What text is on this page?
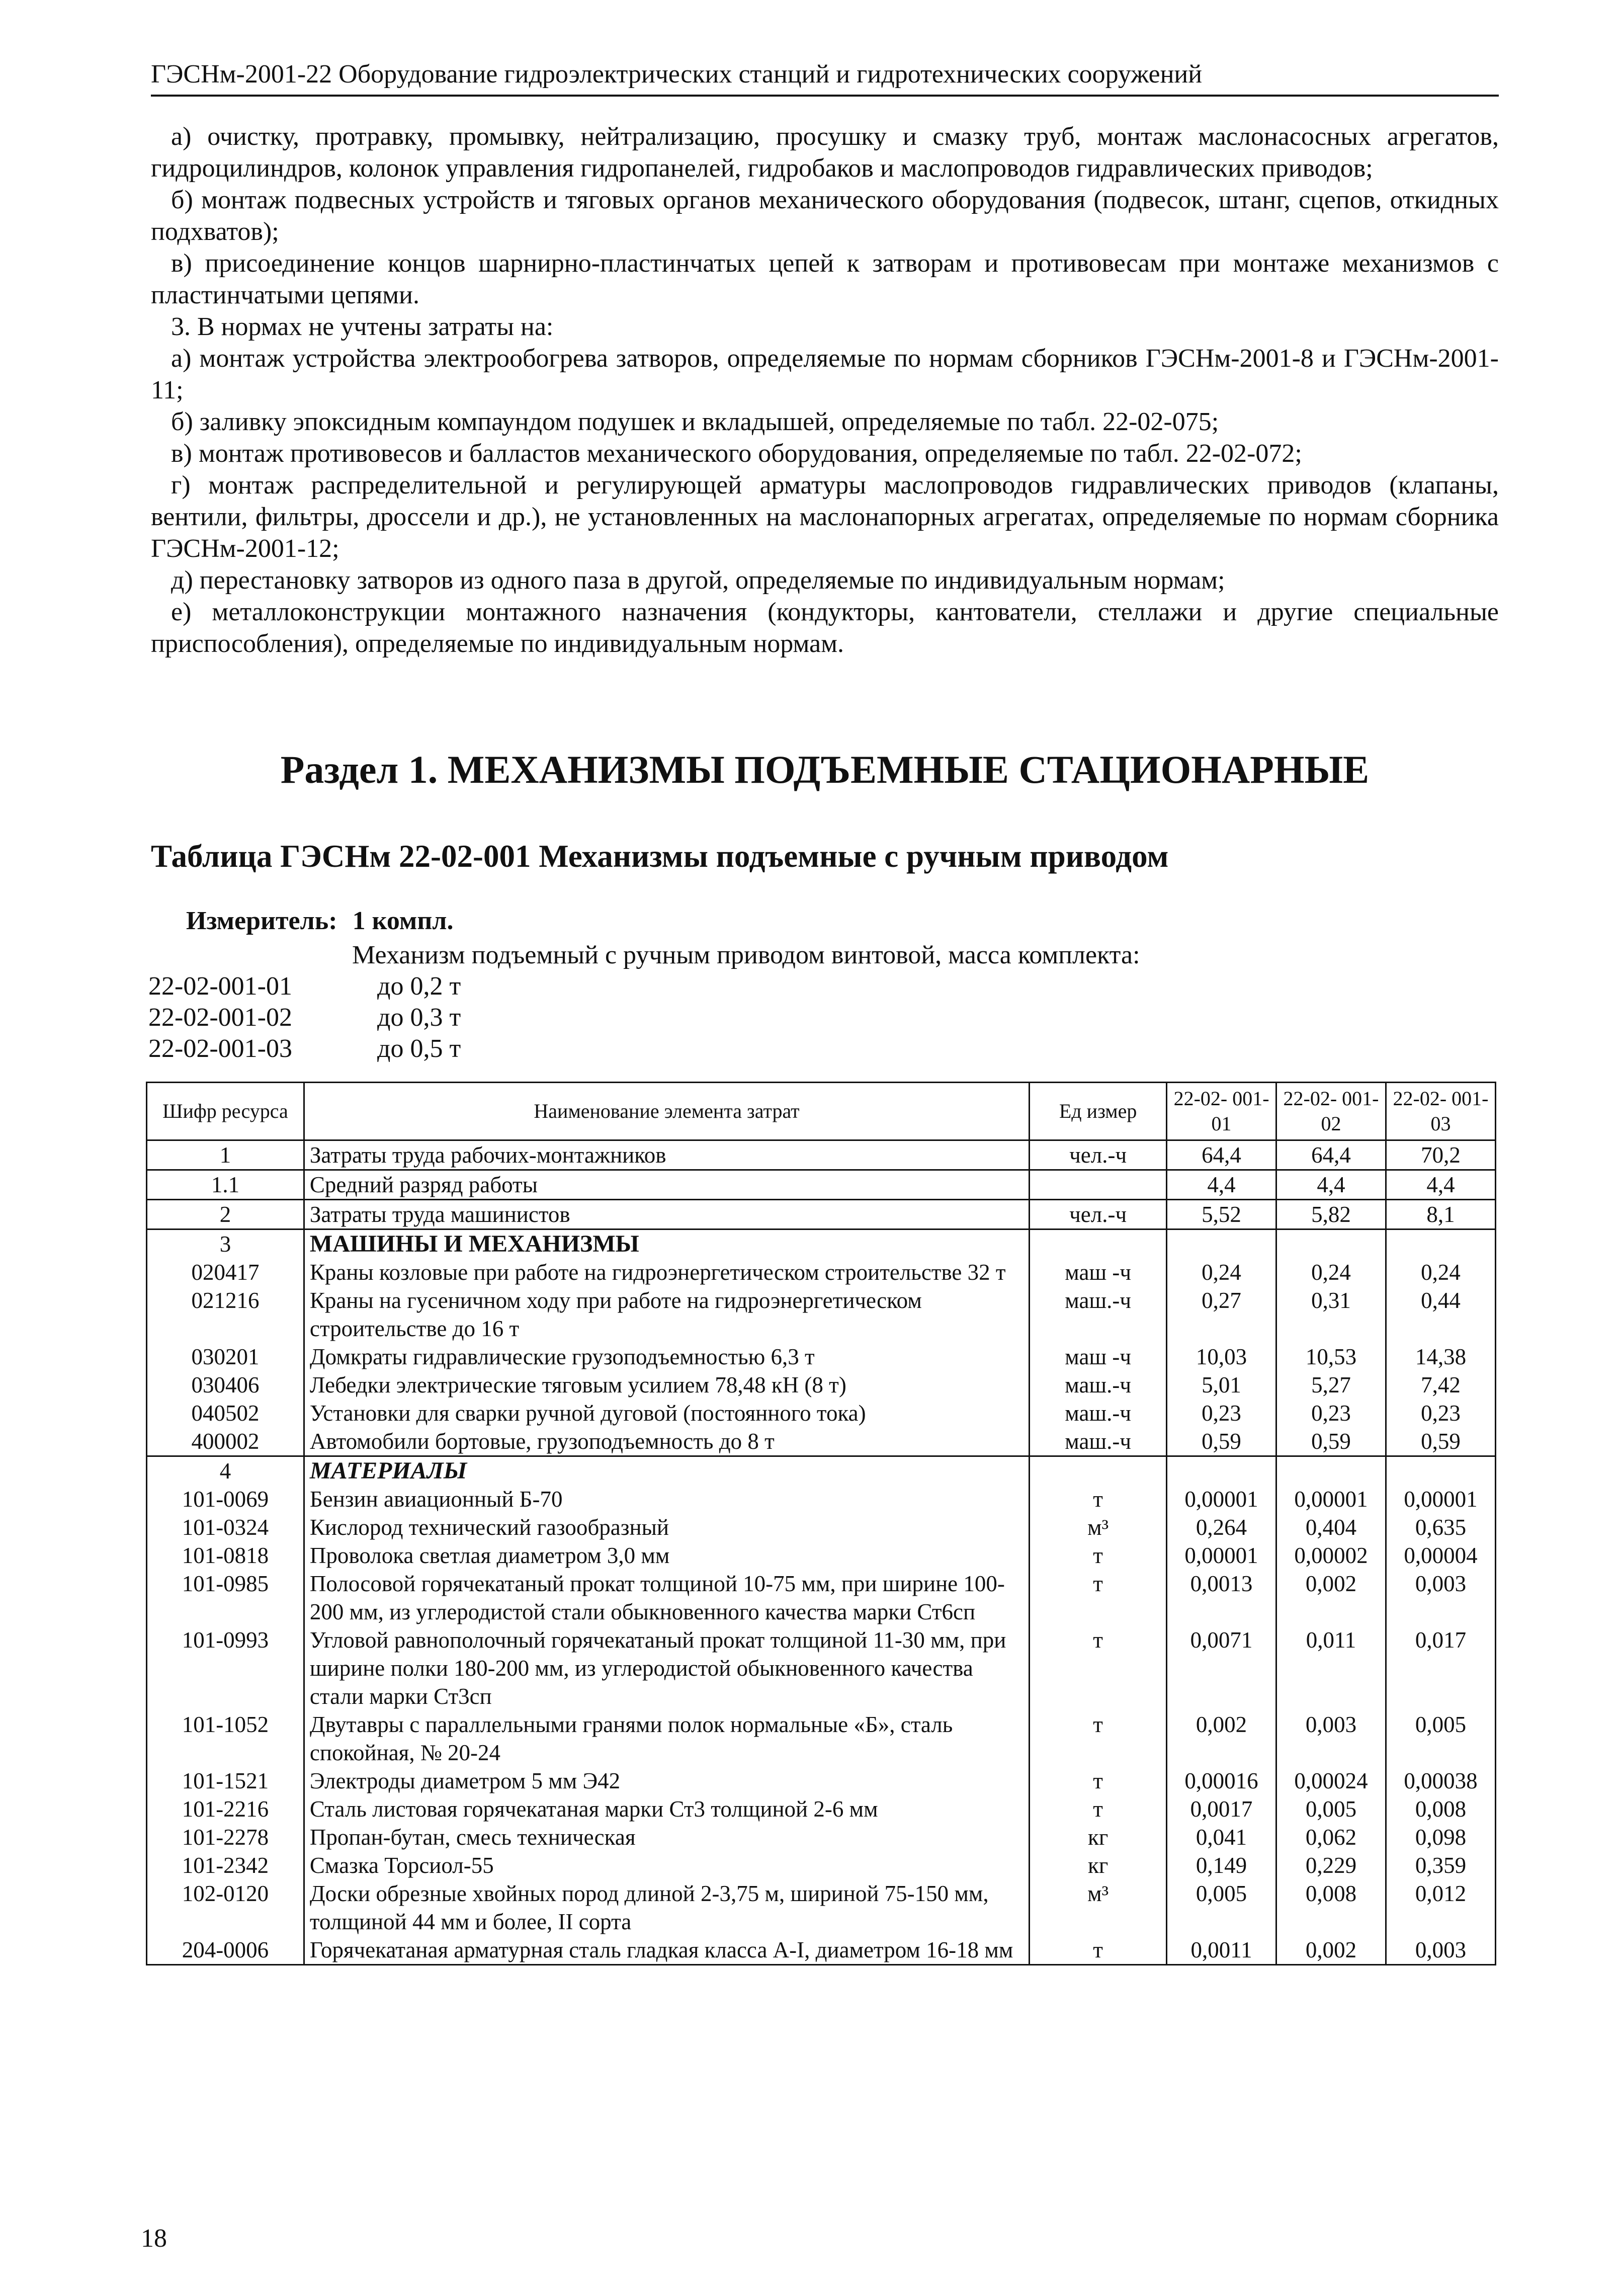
ГЭСНм-2001-22 Оборудование гидроэлектрических станций и гидротехнических сооружений

а) очистку, протравку, промывку, нейтрализацию, просушку и смазку труб, монтаж маслонасосных агрегатов, гидроцилиндров, колонок управления гидропанелей, гидробаков и маслопроводов гидравлических приводов;

б) монтаж подвесных устройств и тяговых органов механического оборудования (подвесок, штанг, сцепов, откидных подхватов);

в) присоединение концов шарнирно-пластинчатых цепей к затворам и противовесам при монтаже механизмов с пластинчатыми цепями.

3. В нормах не учтены затраты на:

а) монтаж устройства электрообогрева затворов, определяемые по нормам сборников ГЭСНм-2001-8 и ГЭСНм-2001-11;

б) заливку эпоксидным компаундом подушек и вкладышей, определяемые по табл. 22-02-075;

в) монтаж противовесов и балластов механического оборудования, определяемые по табл. 22-02-072;

г) монтаж распределительной и регулирующей арматуры маслопроводов гидравлических приводов (клапаны, вентили, фильтры, дроссели и др.), не установленных на маслонапорных агрегатах, определяемые по нормам сборника ГЭСНм-2001-12;

д) перестановку затворов из одного паза в другой, определяемые по индивидуальным нормам;

е) металлоконструкции монтажного назначения (кондукторы, кантователи, стеллажи и другие специальные приспособления), определяемые по индивидуальным нормам.

Раздел 1. МЕХАНИЗМЫ ПОДЪЕМНЫЕ СТАЦИОНАРНЫЕ
Таблица ГЭСНм 22-02-001 Механизмы подъемные с ручным приводом
Измеритель: 1 компл.
Механизм подъемный с ручным приводом винтовой, масса комплекта:
22-02-001-01	до 0,2 т
22-02-001-02	до 0,3 т
22-02-001-03	до 0,5 т
Шифр ресурса	Наименование элемента затрат	Ед измер	22-02- 001-01	22-02- 001-02	22-02- 001-03
1	Затраты труда рабочих-монтажников	чел.-ч	64,4	64,4	70,2
1.1	Средний разряд работы		4,4	4,4	4,4
2	Затраты труда машинистов	чел.-ч	5,52	5,82	8,1
3	МАШИНЫ И МЕХАНИЗМЫ				
020417	Краны козловые при работе на гидроэнергетическом строительстве 32 т	маш -ч	0,24	0,24	0,24
021216	Краны на гусеничном ходу при работе на гидроэнергетическом строительстве до 16 т	маш.-ч	0,27	0,31	0,44
030201	Домкраты гидравлические грузоподъемностью 6,3 т	маш -ч	10,03	10,53	14,38
030406	Лебедки электрические тяговым усилием 78,48 кН (8 т)	маш.-ч	5,01	5,27	7,42
040502	Установки для сварки ручной дуговой (постоянного тока)	маш.-ч	0,23	0,23	0,23
400002	Автомобили бортовые, грузоподъемность до 8 т	маш.-ч	0,59	0,59	0,59
4	МАТЕРИАЛЫ				
101-0069	Бензин авиационный Б-70	т	0,00001	0,00001	0,00001
101-0324	Кислород технический газообразный	м³	0,264	0,404	0,635
101-0818	Проволока светлая диаметром 3,0 мм	т	0,00001	0,00002	0,00004
101-0985	Полосовой горячекатаный прокат толщиной 10-75 мм, при ширине 100-200 мм, из углеродистой стали обыкновенного качества марки Ст6сп	т	0,0013	0,002	0,003
101-0993	Угловой равнополочный горячекатаный прокат толщиной 11-30 мм, при ширине полки 180-200 мм, из углеродистой обыкновенного качества стали марки Ст3сп	т	0,0071	0,011	0,017
101-1052	Двутавры с параллельными гранями полок нормальные «Б», сталь спокойная, № 20-24	т	0,002	0,003	0,005
101-1521	Электроды диаметром 5 мм Э42	т	0,00016	0,00024	0,00038
101-2216	Сталь листовая горячекатаная марки Ст3 толщиной 2-6 мм	т	0,0017	0,005	0,008
101-2278	Пропан-бутан, смесь техническая	кг	0,041	0,062	0,098
101-2342	Смазка Торсиол-55	кг	0,149	0,229	0,359
102-0120	Доски обрезные хвойных пород длиной 2-3,75 м, шириной 75-150 мм, толщиной 44 мм и более, II сорта	м³	0,005	0,008	0,012
204-0006	Горячекатаная арматурная сталь гладкая класса А-I, диаметром 16-18 мм	т	0,0011	0,002	0,003
18
